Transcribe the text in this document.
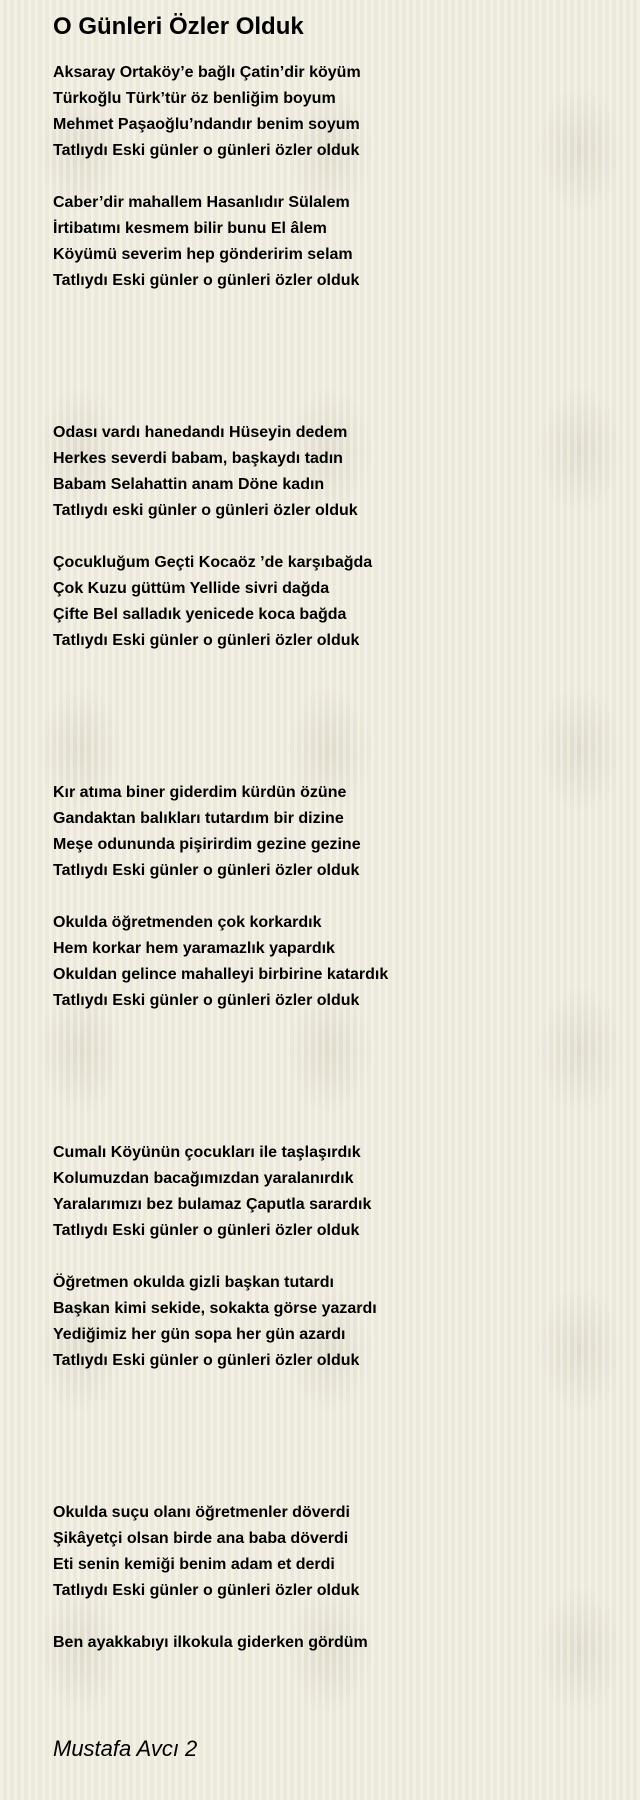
O Günleri Özler Olduk
Aksaray Ortaköy’e bağlı Çatin’dir köyüm
Türkoğlu Türk’tür öz benliğim boyum
Mehmet Paşaoğlu’ndandır benim soyum
Tatlıydı Eski günler o günleri özler olduk
Caber’dir mahallem Hasanlıdır Sülalem
İrtibatımı kesmem bilir bunu El âlem
Köyümü severim hep gönderirim selam
Tatlıydı Eski günler o günleri özler olduk
Odası vardı hanedandı Hüseyin dedem
Herkes severdi babam, başkaydı tadın
Babam Selahattin anam Döne kadın
Tatlıydı eski günler o günleri özler olduk
Çocukluğum Geçti Kocaöz ’de karşıbağda
Çok Kuzu güttüm Yellide sivri dağda
Çifte Bel salladık yenicede koca bağda
Tatlıydı Eski günler o günleri özler olduk
Kır atıma biner giderdim kürdün özüne
Gandaktan balıkları tutardım bir dizine
Meşe odununda pişirirdim gezine gezine
Tatlıydı Eski günler o günleri özler olduk
Okulda öğretmenden çok korkardık
Hem korkar hem yaramazlık yapardık
Okuldan gelince mahalleyi birbirine katardık
Tatlıydı Eski günler o günleri özler olduk
Cumalı Köyünün çocukları ile taşlaşırdık
Kolumuzdan bacağımızdan yaralanırdık
Yaralarımızı bez bulamaz Çaputla sarardık
Tatlıydı Eski günler o günleri özler olduk
Öğretmen okulda gizli başkan tutardı
Başkan kimi sekide, sokakta görse yazardı
Yediğimiz her gün sopa her gün azardı
Tatlıydı Eski günler o günleri özler olduk
Okulda suçu olanı öğretmenler döverdi
Şikâyetçi olsan birde ana baba döverdi
Eti senin kemiği benim adam et derdi
Tatlıydı Eski günler o günleri özler olduk
Ben ayakkabıyı ilkokula giderken gördüm
Mustafa Avcı 2
